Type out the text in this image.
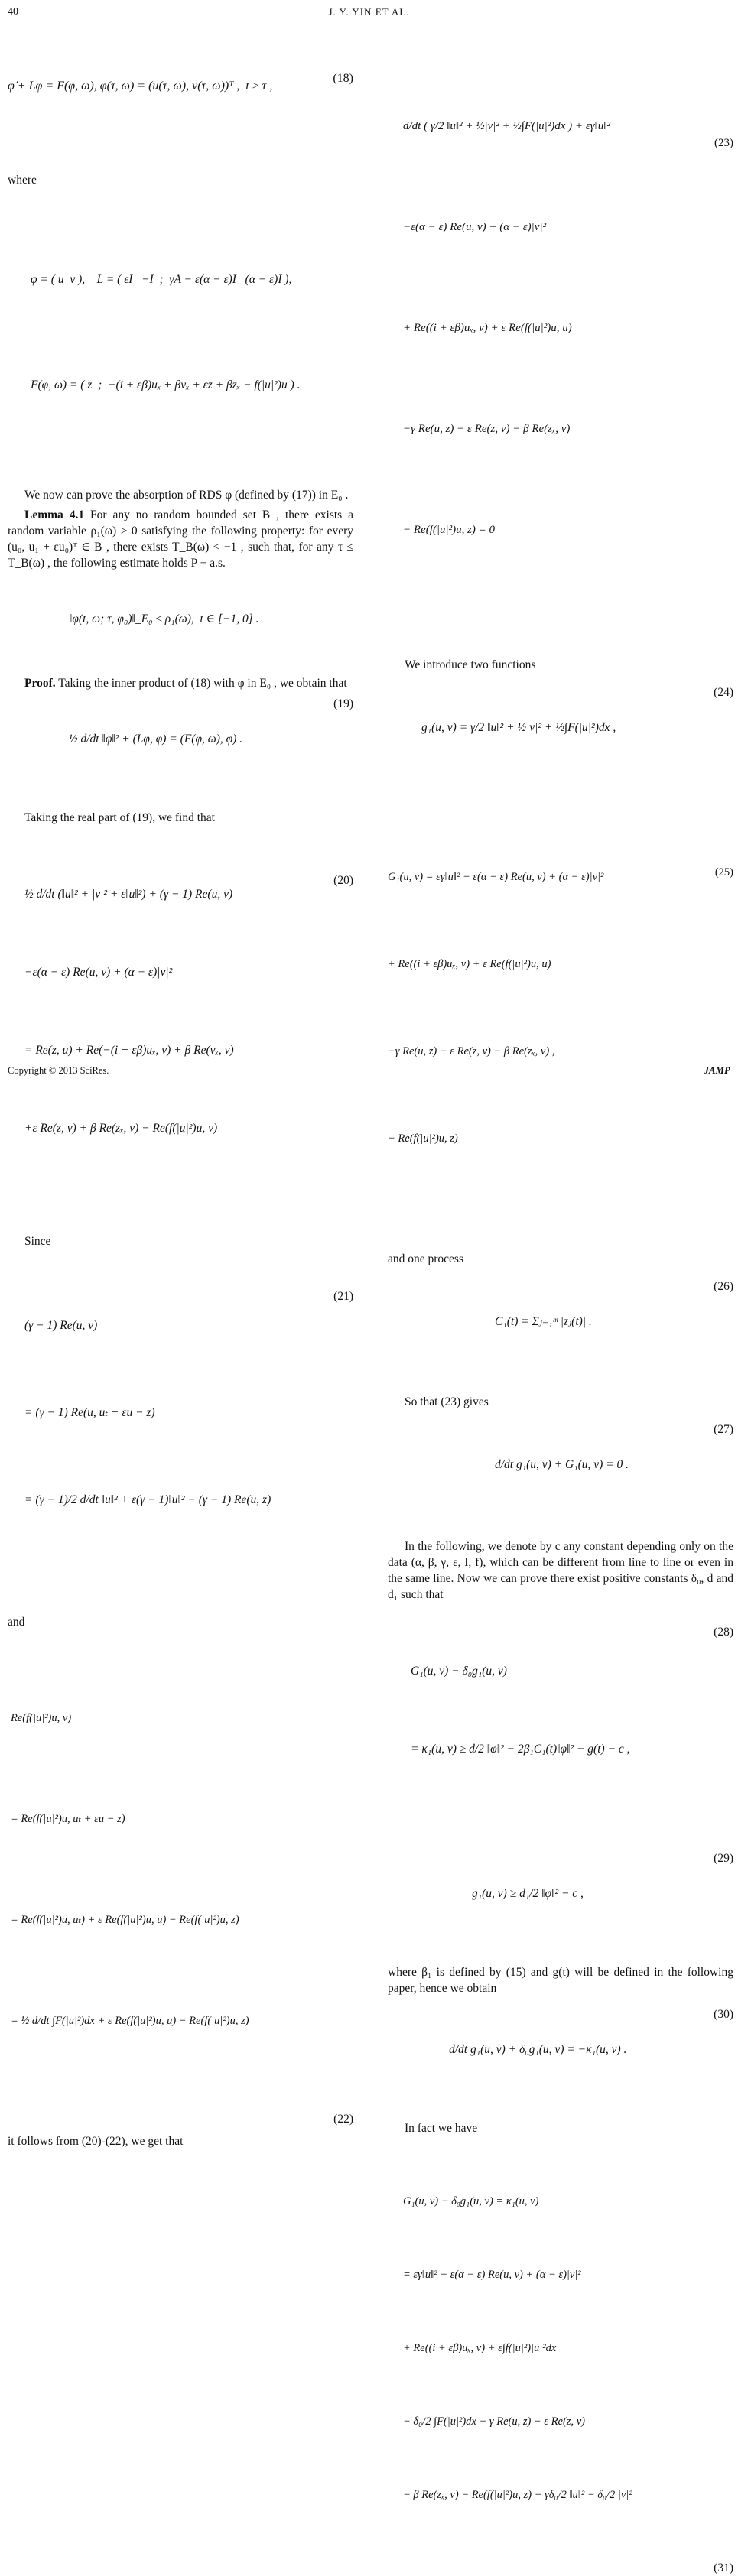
40	J. Y. YIN ET AL.

φ̇ + Lφ = F(φ, ω), φ(τ, ω) = (u(τ, ω), v(τ, ω))ᵀ ,  t ≥ τ ,

(18)

where

φ = ( u  v ),    L = ( εI   −I  ;  γA − ε(α − ε)I   (α − ε)I ),

F(φ, ω) = ( z  ;  −(i + εβ)uₓ + βvₓ + εz + βzₓ − f(|u|²)u ) .

We now can prove the absorption of RDS φ (defined by (17)) in E₀ .
Lemma 4.1 For any no random bounded set B , there exists a random variable ρ₁(ω) ≥ 0 satisfying the following property: for every (u₀, u₁ + εu₀)ᵀ ∈ B , there exists T_B(ω) < −1 , such that, for any τ ≤ T_B(ω) , the following estimate holds P − a.s.

‖φ(t, ω; τ, φ₀)‖_E₀ ≤ ρ₁(ω),  t ∈ [−1, 0] .

Proof. Taking the inner product of (18) with φ in E₀ , we obtain that

½ d/dt ‖φ‖² + (Lφ, φ) = (F(φ, ω), φ) .

(19)

Taking the real part of (19), we find that

½ d/dt (‖u‖² + |v|² + ε‖u‖²) + (γ − 1) Re(u, v)

−ε(α − ε) Re(u, v) + (α − ε)|v|²

= Re(z, u) + Re(−(i + εβ)uₓ, v) + β Re(vₓ, v)

+ε Re(z, v) + β Re(zₓ, v) − Re(f(|u|²)u, v)

(20)

Since

(γ − 1) Re(u, v)

= (γ − 1) Re(u, uₜ + εu − z)

= (γ − 1)/2 d/dt ‖u‖² + ε(γ − 1)‖u‖² − (γ − 1) Re(u, z)

(21)

and

Re(f(|u|²)u, v)

= Re(f(|u|²)u, uₜ + εu − z)

= Re(f(|u|²)u, uₜ) + ε Re(f(|u|²)u, u) − Re(f(|u|²)u, z)

= ½ d/dt ∫F(|u|²)dx + ε Re(f(|u|²)u, u) − Re(f(|u|²)u, z)

(22)
it follows from (20)-(22), we get that

d/dt ( γ/2 ‖u‖² + ½|v|² + ½∫F(|u|²)dx ) + εγ‖u‖²

−ε(α − ε) Re(u, v) + (α − ε)|v|²

+ Re((i + εβ)uₓ, v) + ε Re(f(|u|²)u, u)

−γ Re(u, z) − ε Re(z, v) − β Re(zₓ, v)

− Re(f(|u|²)u, z) = 0

(23)

We introduce two functions

g₁(u, v) = γ/2 ‖u‖² + ½|v|² + ½∫F(|u|²)dx ,

(24)

G₁(u, v) = εγ‖u‖² − ε(α − ε) Re(u, v) + (α − ε)|v|²

+ Re((i + εβ)uₓ, v) + ε Re(f(|u|²)u, u)

−γ Re(u, z) − ε Re(z, v) − β Re(zₓ, v) ,

− Re(f(|u|²)u, z)

(25)

and one process

C₁(t) = Σⱼ₌₁ᵐ |zⱼ(t)| .

(26)

So that (23) gives

d/dt g₁(u, v) + G₁(u, v) = 0 .

(27)

In the following, we denote by c any constant depending only on the data (α, β, γ, ε, I, f), which can be different from line to line or even in the same line. Now we can prove there exist positive constants δ₀, d and d₁ such that

G₁(u, v) − δ₀g₁(u, v)

= κ₁(u, v) ≥ d/2 ‖φ‖² − 2β₁C₁(t)‖φ‖² − g(t) − c ,

(28)

g₁(u, v) ≥ d₁/2 ‖φ‖² − c ,

(29)

where β₁ is defined by (15) and g(t) will be defined in the following paper, hence we obtain

d/dt g₁(u, v) + δ₀g₁(u, v) = −κ₁(u, v) .

(30)

In fact we have

G₁(u, v) − δ₀g₁(u, v) = κ₁(u, v)

= εγ‖u‖² − ε(α − ε) Re(u, v) + (α − ε)|v|²

+ Re((i + εβ)uₓ, v) + ε∫f(|u|²)|u|²dx

− δ₀/2 ∫F(|u|²)dx − γ Re(u, z) − ε Re(z, v)

− β Re(zₓ, v) − Re(f(|u|²)u, z) − γδ₀/2 ‖u‖² − δ₀/2 |v|²

(31)
Copyright © 2013 SciRes.	JAMP
